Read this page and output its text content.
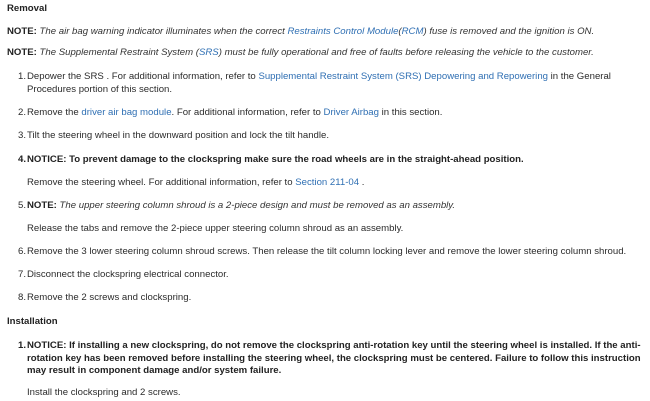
Removal
NOTE: The air bag warning indicator illuminates when the correct Restraints Control Module(RCM) fuse is removed and the ignition is ON.
NOTE: The Supplemental Restraint System (SRS) must be fully operational and free of faults before releasing the vehicle to the customer.
1. Depower the SRS . For additional information, refer to Supplemental Restraint System (SRS) Depowering and Repowering in the General Procedures portion of this section.
2. Remove the driver air bag module. For additional information, refer to Driver Airbag in this section.
3. Tilt the steering wheel in the downward position and lock the tilt handle.
4. NOTICE: To prevent damage to the clockspring make sure the road wheels are in the straight-ahead position.
Remove the steering wheel. For additional information, refer to Section 211-04 .
5. NOTE: The upper steering column shroud is a 2-piece design and must be removed as an assembly.
Release the tabs and remove the 2-piece upper steering column shroud as an assembly.
6. Remove the 3 lower steering column shroud screws. Then release the tilt column locking lever and remove the lower steering column shroud.
7. Disconnect the clockspring electrical connector.
8. Remove the 2 screws and clockspring.
Installation
1. NOTICE: If installing a new clockspring, do not remove the clockspring anti-rotation key until the steering wheel is installed. If the anti-rotation key has been removed before installing the steering wheel, the clockspring must be centered. Failure to follow this instruction may result in component damage and/or system failure.
Install the clockspring and 2 screws.
